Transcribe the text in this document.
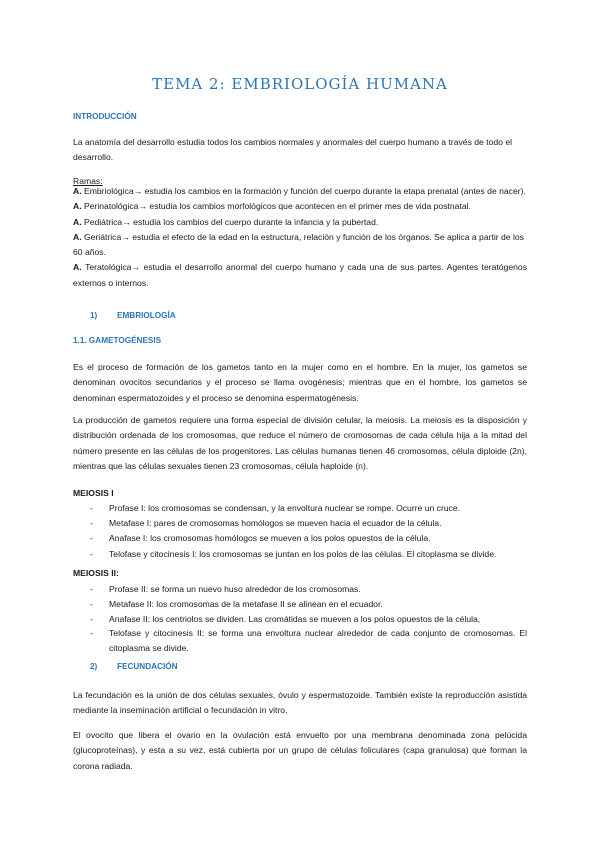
TEMA 2: EMBRIOLOGÍA HUMANA
INTRODUCCIÓN
La anatomía del desarrollo estudia todos los cambios normales y anormales del cuerpo humano a través de todo el desarrollo.
Ramas:
A. Embriológica→ estudia los cambios en la formación y función del cuerpo durante la etapa prenatal (antes de nacer).
A. Perinatológica→ estudia los cambios morfológicos que acontecen en el primer mes de vida postnatal.
A. Pediátrica→ estudia los cambios del cuerpo durante la infancia y la pubertad.
A. Geriátrica→ estudia el efecto de la edad en la estructura, relación y función de los órganos. Se aplica a partir de los 60 años.
A. Teratológica→ estudia el desarrollo anormal del cuerpo humano y cada una de sus partes. Agentes teratógenos externos o internos.
1) EMBRIOLOGÍA
1.1. GAMETOGÉNESIS
Es el proceso de formación de los gametos tanto en la mujer como en el hombre. En la mujer, los gametos se denominan ovocitos secundarios y el proceso se llama ovogénesis; mientras que en el hombre, los gametos se denominan espermatozoides y el proceso se denomina espermatogénesis.
La producción de gametos requiere una forma especial de división celular, la meiosis. La meiosis es la disposición y distribución ordenada de los cromosomas, que reduce el número de cromosomas de cada célula hija a la mitad del número presente en las células de los progenitores. Las células humanas tienen 46 cromosomas, célula diploide (2n), mientras que las células sexuales tienen 23 cromosomas, célula haploide (n).
MEIOSIS I
- Profase I: los cromosomas se condensan, y la envoltura nuclear se rompe. Ocurre un cruce.
- Metafase I: pares de cromosomas homólogos se mueven hacia el ecuador de la célula.
- Anafase I: los cromosomas homólogos se mueven a los polos opuestos de la célula.
- Telofase y citocinesis I: los cromosomas se juntan en los polos de las células. El citoplasma se divide.
MEIOSIS II:
- Profase II: se forma un nuevo huso alrededor de los cromosomas.
- Metafase II: los cromosomas de la metafase II se alinean en el ecuador.
- Anafase II: los centriolos se dividen. Las cromátidas se mueven a los polos opuestos de la célula,
- Telofase y citocinesis II: se forma una envoltura nuclear alrededor de cada conjunto de cromosomas. El citoplasma se divide.
2) FECUNDACIÓN
La fecundación es la unión de dos células sexuales, óvulo y espermatozoide. También existe la reproducción asistida mediante la inseminación artificial o fecundación in vitro.
El ovocito que libera el ovario en la ovulación está envuelto por una membrana denominada zona pelúcida (glucoproteínas), y esta a su vez, está cubierta por un grupo de células foliculares (capa granulosa) que forman la corona radiada.
